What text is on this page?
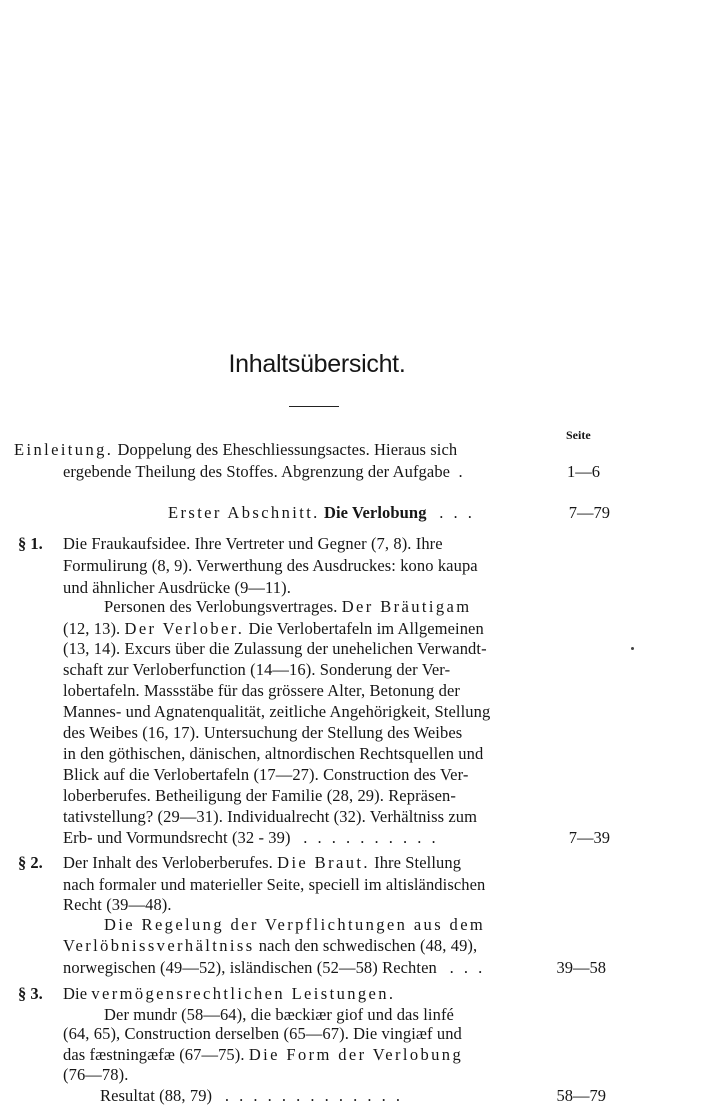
Inhaltsübersicht.
Seite
Einleitung. Doppelung des Eheschliessungsactes. Hieraus sich
ergebende Theilung des Stoffes. Abgrenzung der Aufgabe .	1—6
Erster Abschnitt. Die Verlobung . . .	7—79
§ 1. Die Fraukaufsidee. Ihre Vertreter und Gegner (7, 8). Ihre
Formulirung (8, 9). Verwerthung des Ausdruckes: kono kaupa
und ähnlicher Ausdrücke (9—11).
Personen des Verlobungsvertrages. Der Bräutigam
(12, 13). Der Verlober. Die Verlobertafeln im Allgemeinen
(13, 14). Excurs über die Zulassung der unehelichen Verwandt-
schaft zur Verloberfunction (14—16). Sonderung der Ver-
lobertafeln. Massstäbe für das grössere Alter, Betonung der
Mannes- und Agnatenqualität, zeitliche Angehörigkeit, Stellung
des Weibes (16, 17). Untersuchung der Stellung des Weibes
in den göthischen, dänischen, altnordischen Rechtsquellen und
Blick auf die Verlobertafeln (17—27). Construction des Ver-
loberberufes. Betheiligung der Familie (28, 29). Repräsen-
tativstellung? (29—31). Individualrecht (32). Verhältniss zum
Erb- und Vormundsrecht (32 - 39) . . . . . . . . . .	7—39
§ 2. Der Inhalt des Verloberberufes. Die Braut. Ihre Stellung
nach formaler und materieller Seite, speciell im altisländischen
Recht (39—48).
Die Regelung der Verpflichtungen aus dem
Verlöbnissverhältniss nach den schwedischen (48, 49),
norwegischen (49—52), isländischen (52—58) Rechten . . .	39—58
§ 3. Die vermögensrechtlichen Leistungen.
Der mundr (58—64), die bæckiær giof und das linfé
(64, 65), Construction derselben (65—67). Die vingiæf und
das fæstningæfæ (67—75). Die Form der Verlobung
(76—78).
Resultat (88, 79) . . . . . . . . . . . . .	58—79
